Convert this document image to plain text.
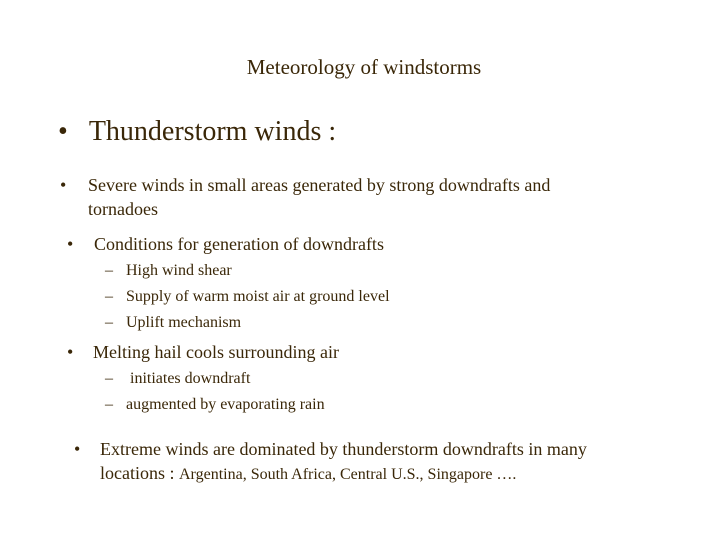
Meteorology of windstorms
• Thunderstorm winds :
• Severe winds in small areas generated by strong downdrafts and
tornadoes
• Conditions for generation of downdrafts
– High wind shear
– Supply of warm moist air at ground level
– Uplift mechanism
• Melting hail cools surrounding air
– initiates downdraft
– augmented by evaporating rain
• Extreme winds are dominated by thunderstorm downdrafts in many
locations : Argentina, South Africa, Central U.S., Singapore ….
